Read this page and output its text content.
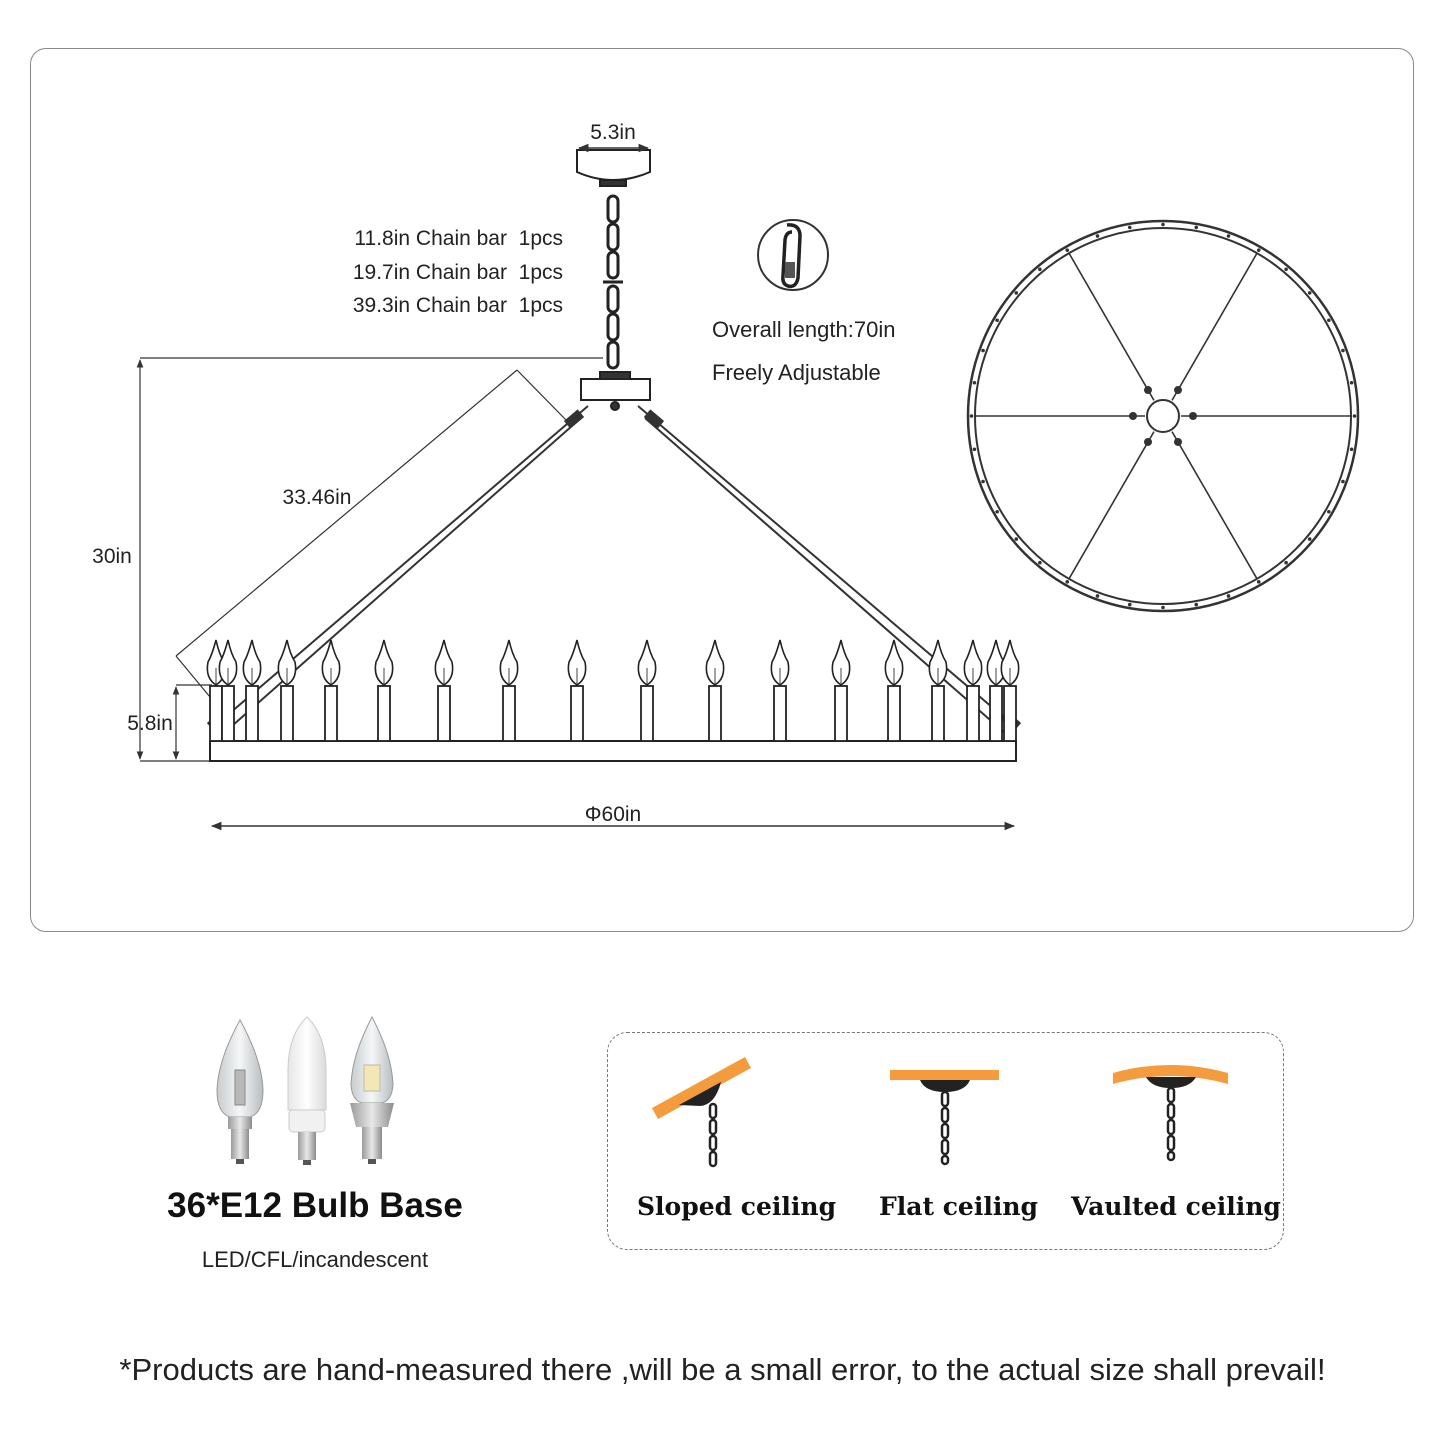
5.3in
11.8in Chain bar  1pcs
19.7in Chain bar  1pcs
39.3in Chain bar  1pcs
Overall length:70in
Freely Adjustable
33.46in
30in
5.8in
Φ60in
36*E12 Bulb Base
LED/CFL/incandescent
Sloped ceiling Flat ceiling Vaulted ceiling
*Products are hand-measured there ,will be a small error, to the actual size shall prevail!
